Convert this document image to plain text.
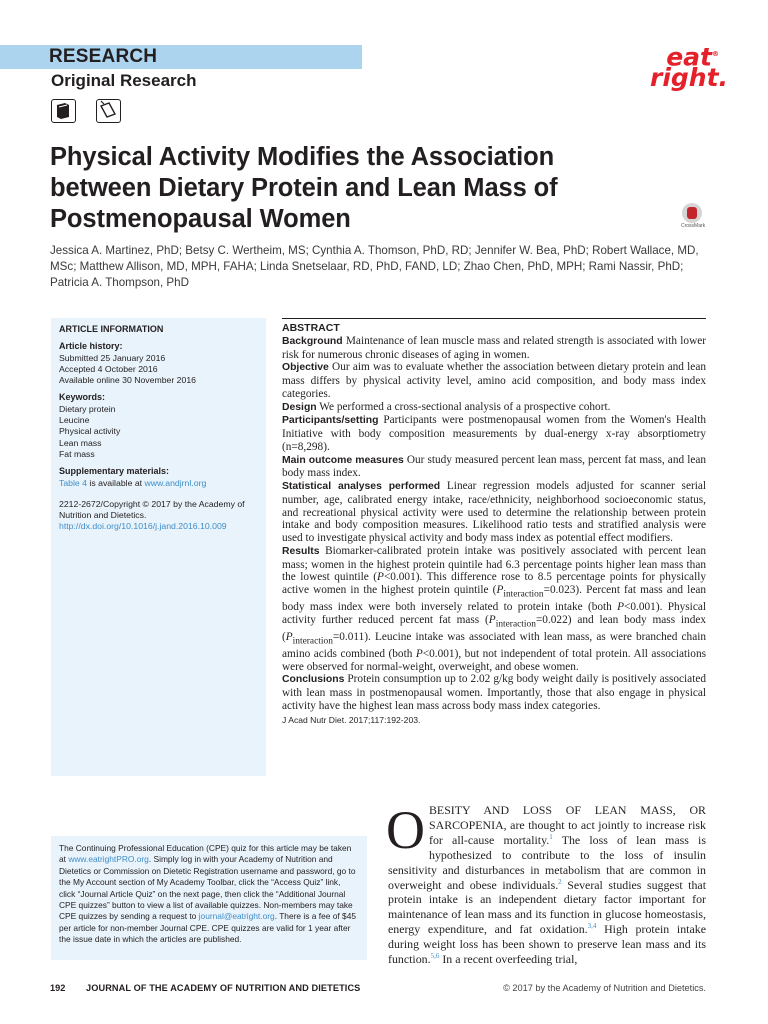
RESEARCH
Original Research
eat®
right.
Physical Activity Modifies the Association between Dietary Protein and Lean Mass of Postmenopausal Women	CrossMark

Jessica A. Martinez, PhD; Betsy C. Wertheim, MS; Cynthia A. Thomson, PhD, RD; Jennifer W. Bea, PhD; Robert Wallace, MD, MSc; Matthew Allison, MD, MPH, FAHA; Linda Snetselaar, RD, PhD, FAND, LD; Zhao Chen, PhD, MPH; Rami Nassir, PhD; Patricia A. Thompson, PhD

ARTICLE INFORMATION
Article history:
Submitted 25 January 2016
Accepted 4 October 2016
Available online 30 November 2016
Keywords:
Dietary protein
Leucine
Physical activity
Lean mass
Fat mass
Supplementary materials:
Table 4 is available at www.andjrnl.org
2212-2672/Copyright © 2017 by the Academy of Nutrition and Dietetics.
http://dx.doi.org/10.1016/j.jand.2016.10.009
ABSTRACT

Background Maintenance of lean muscle mass and related strength is associated with lower risk for numerous chronic diseases of aging in women.

Objective Our aim was to evaluate whether the association between dietary protein and lean mass differs by physical activity level, amino acid composition, and body mass index categories.

Design We performed a cross-sectional analysis of a prospective cohort.

Participants/setting Participants were postmenopausal women from the Women's Health Initiative with body composition measurements by dual-energy x-ray absorptiometry (n=8,298).

Main outcome measures Our study measured percent lean mass, percent fat mass, and lean body mass index.

Statistical analyses performed Linear regression models adjusted for scanner serial number, age, calibrated energy intake, race/ethnicity, neighborhood socioeconomic status, and recreational physical activity were used to determine the relationship between protein intake and body composition measures. Likelihood ratio tests and stratified analysis were used to investigate physical activity and body mass index as potential effect modifiers.

Results Biomarker-calibrated protein intake was positively associated with percent lean mass; women in the highest protein quintile had 6.3 percentage points higher lean mass than the lowest quintile (P<0.001). This difference rose to 8.5 percentage points for physically active women in the highest protein quintile $(P_{interaction}=0.023)$. Percent fat mass and lean body mass index were both inversely related to protein intake (both P<0.001). Physical activity further reduced percent fat mass $(P_{interaction}=0.022)$ and lean body mass index $(P_{interaction}=0.011)$. Leucine intake was associated with lean mass, as were branched chain amino acids combined (both P<0.001), but not independent of total protein. All associations were observed for normal-weight, overweight, and obese women.

Conclusions Protein consumption up to 2.02 g/kg body weight daily is positively associated with lean mass in postmenopausal women. Importantly, those that also engage in physical activity have the highest lean mass across body mass index categories.

J Acad Nutr Diet. 2017;117:192-203.
The Continuing Professional Education (CPE) quiz for this article may be taken at www.eatrightPRO.org. Simply log in with your Academy of Nutrition and Dietetics or Commission on Dietetic Registration username and password, go to the My Account section of My Academy Toolbar, click the “Access Quiz” link, click “Journal Article Quiz” on the next page, then click the “Additional Journal CPE quizzes” button to view a list of available quizzes. Non-members may take CPE quizzes by sending a request to journal@eatright.org. There is a fee of $45 per article for non-member Journal CPE. CPE quizzes are valid for 1 year after the issue date in which the articles are published.

OBESITY AND LOSS OF LEAN MASS, OR SARCOPENIA, are thought to act jointly to increase risk for all-cause mortality.$^1$ The loss of lean mass is hypothesized to contribute to the loss of insulin sensitivity and disturbances in metabolism that are common in overweight and obese individuals.$^2$ Several studies suggest that protein intake is an independent dietary factor important for maintenance of lean mass and its function in glucose homeostasis, energy expenditure, and fat oxidation.$^{3,4}$ High protein intake during weight loss has been shown to preserve lean mass and its function.$^{5,6}$ In a recent overfeeding trial,

192 JOURNAL OF THE ACADEMY OF NUTRITION AND DIETETICS	© 2017 by the Academy of Nutrition and Dietetics.
